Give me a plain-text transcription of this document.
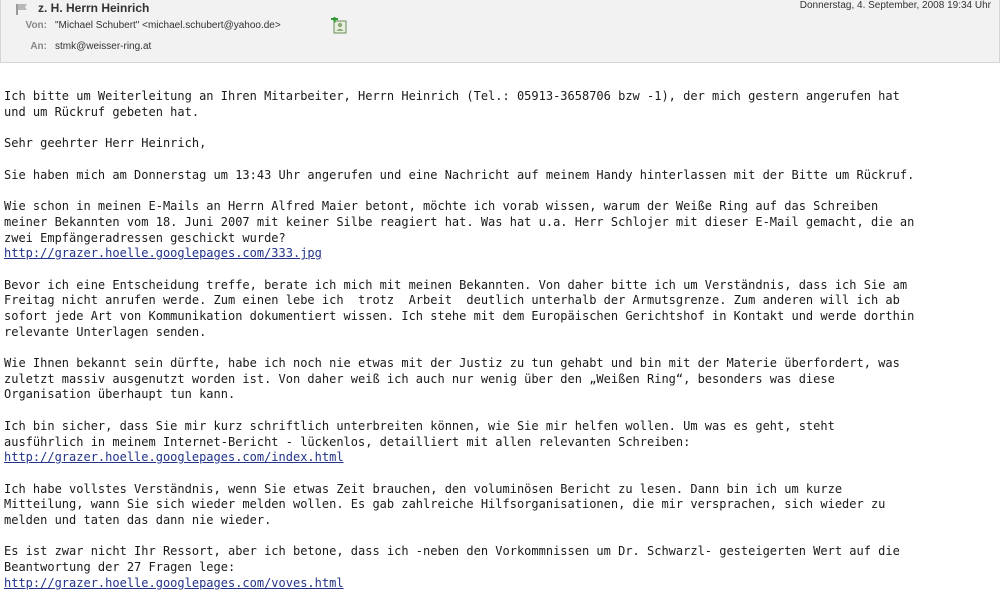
z. H. Herrn Heinrich	Donnerstag, 4. September, 2008 19:34 Uhr
Von: "Michael Schubert" <michael.schubert@yahoo.de>
An: stmk@weisser-ring.at
Ich bitte um Weiterleitung an Ihren Mitarbeiter, Herrn Heinrich (Tel.: 05913-3658706 bzw -1), der mich gestern angerufen hat
und um Rückruf gebeten hat.
Sehr geehrter Herr Heinrich,
Sie haben mich am Donnerstag um 13:43 Uhr angerufen und eine Nachricht auf meinem Handy hinterlassen mit der Bitte um Rückruf.
Wie schon in meinen E-Mails an Herrn Alfred Maier betont, möchte ich vorab wissen, warum der Weiße Ring auf das Schreiben
meiner Bekannten vom 18. Juni 2007 mit keiner Silbe reagiert hat. Was hat u.a. Herr Schlojer mit dieser E-Mail gemacht, die an
zwei Empfängeradressen geschickt wurde?
http://grazer.hoelle.googlepages.com/333.jpg
Bevor ich eine Entscheidung treffe, berate ich mich mit meinen Bekannten. Von daher bitte ich um Verständnis, dass ich Sie am
Freitag nicht anrufen werde. Zum einen lebe ich  trotz  Arbeit  deutlich unterhalb der Armutsgrenze. Zum anderen will ich ab
sofort jede Art von Kommunikation dokumentiert wissen. Ich stehe mit dem Europäischen Gerichtshof in Kontakt und werde dorthin
relevante Unterlagen senden.
Wie Ihnen bekannt sein dürfte, habe ich noch nie etwas mit der Justiz zu tun gehabt und bin mit der Materie überfordert, was
zuletzt massiv ausgenutzt worden ist. Von daher weiß ich auch nur wenig über den „Weißen Ring“, besonders was diese
Organisation überhaupt tun kann.
Ich bin sicher, dass Sie mir kurz schriftlich unterbreiten können, wie Sie mir helfen wollen. Um was es geht, steht
ausführlich in meinem Internet-Bericht - lückenlos, detailliert mit allen relevanten Schreiben:
http://grazer.hoelle.googlepages.com/index.html
Ich habe vollstes Verständnis, wenn Sie etwas Zeit brauchen, den voluminösen Bericht zu lesen. Dann bin ich um kurze
Mitteilung, wann Sie sich wieder melden wollen. Es gab zahlreiche Hilfsorganisationen, die mir versprachen, sich wieder zu
melden und taten das dann nie wieder.
Es ist zwar nicht Ihr Ressort, aber ich betone, dass ich -neben den Vorkommnissen um Dr. Schwarzl- gesteigerten Wert auf die
Beantwortung der 27 Fragen lege:
http://grazer.hoelle.googlepages.com/voves.html
